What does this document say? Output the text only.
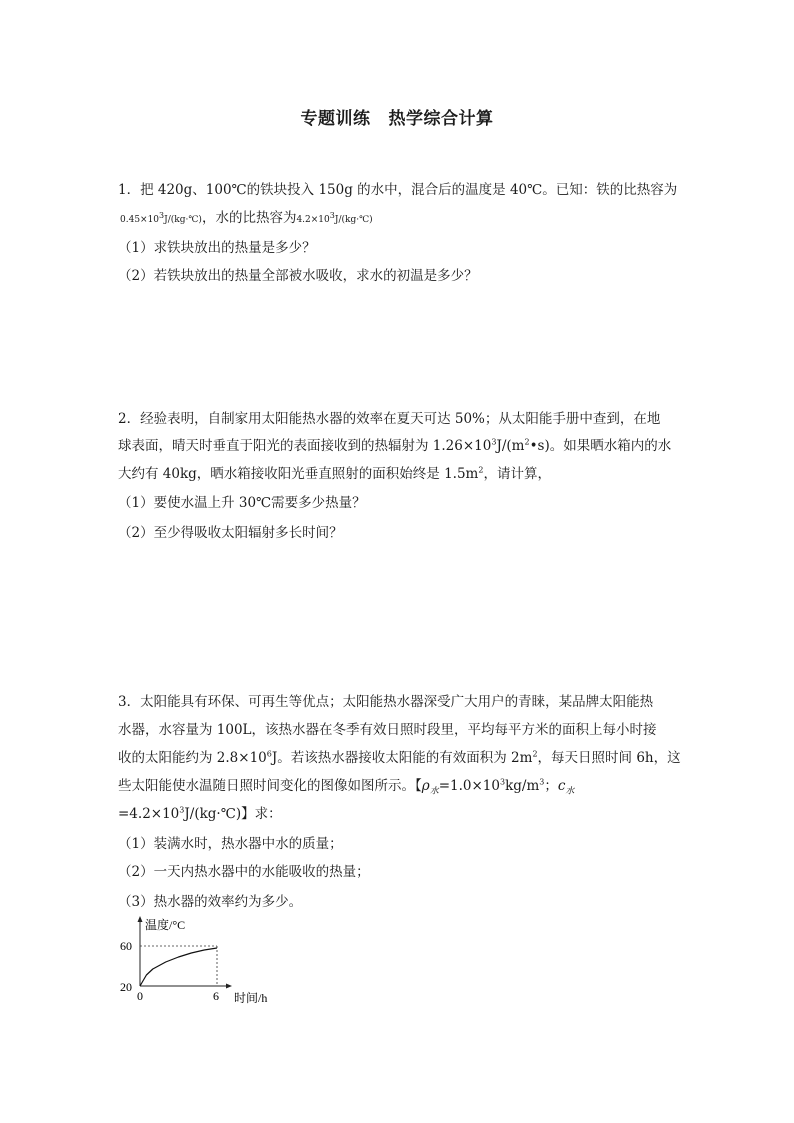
专题训练 热学综合计算
1．把 420g、100℃的铁块投入 150g 的水中，混合后的温度是 40℃。已知：铁的比热容为
0.45×103J/(kg·℃)，水的比热容为4.2×103J/(kg·℃)
（1）求铁块放出的热量是多少？
（2）若铁块放出的热量全部被水吸收，求水的初温是多少？
2．经验表明，自制家用太阳能热水器的效率在夏天可达 50%；从太阳能手册中查到，在地
球表面，晴天时垂直于阳光的表面接收到的热辐射为 $1.26\times 10^3J/(m^2•s)$。如果晒水箱内的水
大约有 40kg，晒水箱接收阳光垂直照射的面积始终是 $1.5m^2$，请计算，
（1）要使水温上升 30℃需要多少热量？
（2）至少得吸收太阳辐射多长时间？
3．太阳能具有环保、可再生等优点；太阳能热水器深受广大用户的青睐，某品牌太阳能热
水器，水容量为 100L，该热水器在冬季有效日照时段里，平均每平方米的面积上每小时接
收的太阳能约为 $2.8\times 10^6J$。若该热水器接收太阳能的有效面积为 $2m^2$，每天日照时间 6h，这
些太阳能使水温随日照时间变化的图像如图所示。【$\rho_水=1.0\times 10^3kg/m^3$；$c_水$
$=4.2\times 10^3J/(kg\cdot℃)$】求：
（1）装满水时，热水器中水的质量；
（2）一天内热水器中的水能吸收的热量；
（3）热水器的效率约为多少。
温度/°C
时间/h
60
20
0	6
